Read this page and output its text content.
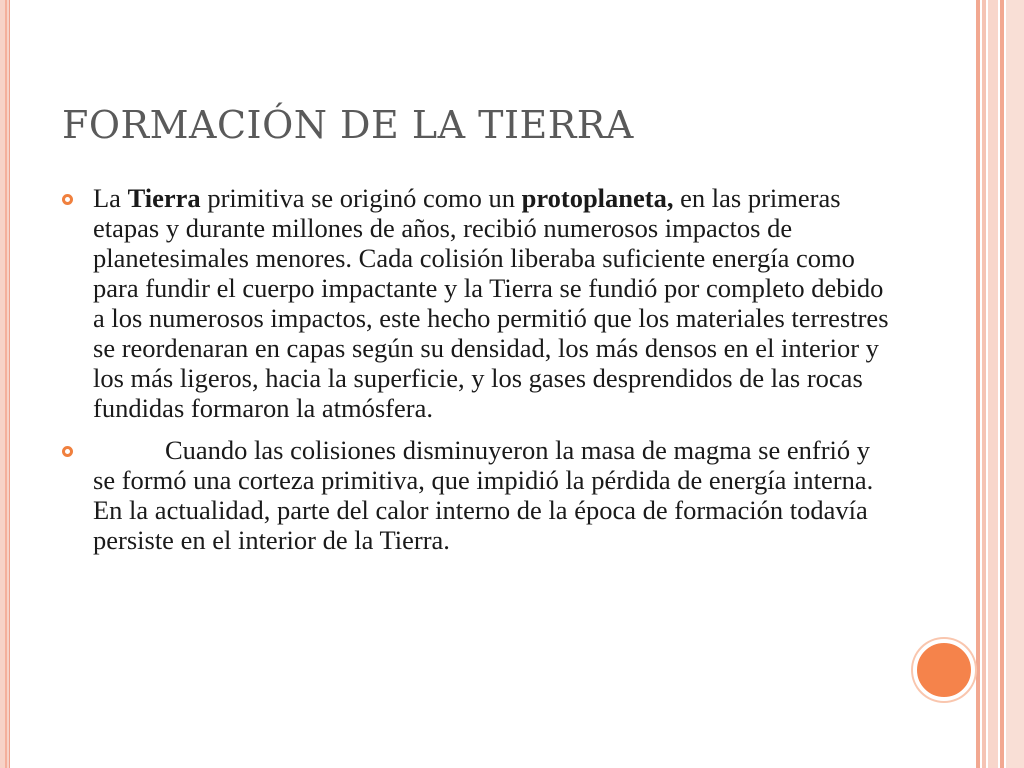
FORMACIÓN DE LA TIERRA
La Tierra primitiva se originó como un protoplaneta, en las primeras etapas y durante millones de años, recibió numerosos impactos de planetesimales menores. Cada colisión liberaba suficiente energía como para fundir el cuerpo impactante y la Tierra se fundió por completo debido a los numerosos impactos, este hecho permitió que los materiales terrestres se reordenaran en capas según su densidad, los más densos en el interior y los más ligeros, hacia la superficie, y los gases desprendidos de las rocas fundidas formaron la atmósfera.
Cuando las colisiones disminuyeron la masa de magma se enfrió y se formó una corteza primitiva, que impidió la pérdida de energía interna. En la actualidad, parte del calor interno de la época de formación todavía persiste en el interior de la Tierra.
